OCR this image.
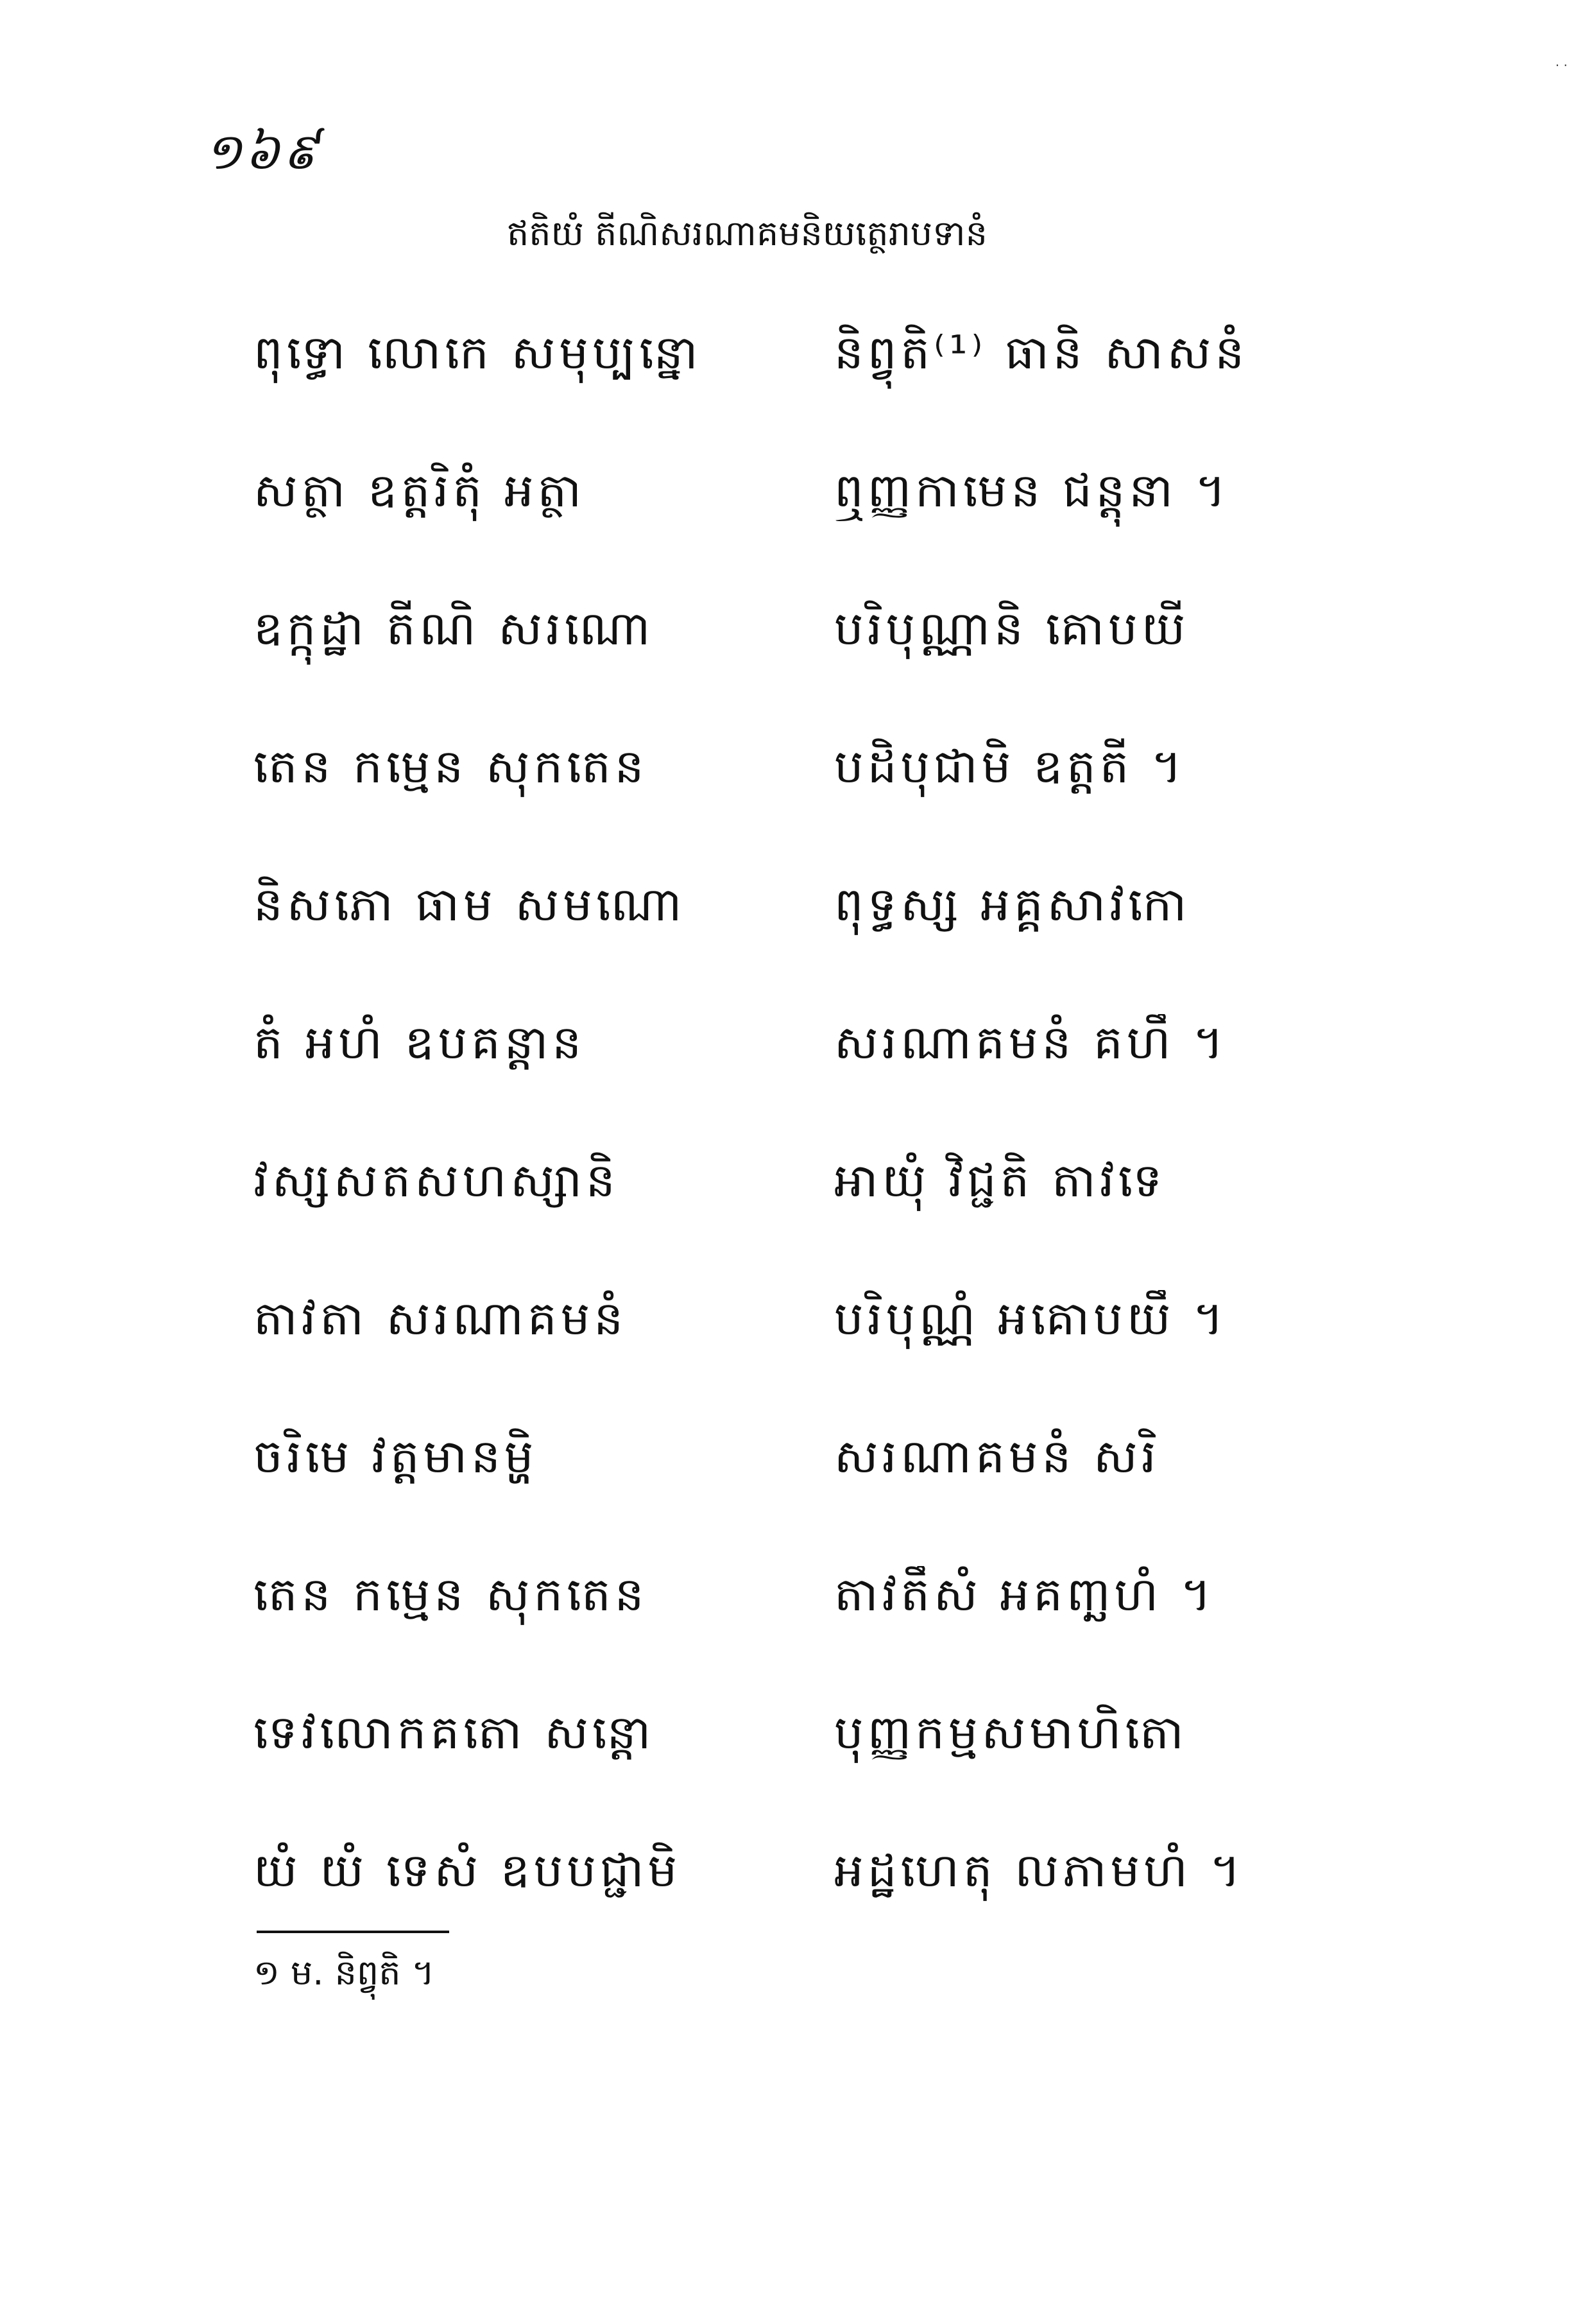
· ·
១៦៩
ឥតិយំ តីណិសរណាគមនិយត្ថេរាបទានំ
ពុទ្ធោ លោកេ សមុប្បន្នោ	និព្វុតិ⁽¹⁾ ធានិ សាសនំ
សត្ថា ឧត្តរិតុំ អត្ថា	ឮញ្ញកាមេន ជន្តុនា ។
ឧក្កុដ្ឋា តីណិ សរណោ	បរិបុណ្ណានិ គោបយី
តេន កម្មេន សុកតេន	បដិបុជាមិ ឧត្តតី ។
និសភោ ធាម សមណោ	ពុទ្ធស្ស អគ្គសាវកោ
តំ អហំ ឧបគន្តាន	សរណាគមនំ គហឹ ។
វស្សសតសហស្សានិ	អាយុំ វិជ្ជតិ តាវទេ
តាវតា សរណាគមនំ	បរិបុណ្ណំ អគោបយឹ ។
ចរិមេ វត្តមានម្ហិ	សរណាគមនំ សរិ
តេន កម្មេន សុកតេន	តាវតឹសំ អគញ្ឆហំ ។
ទេវលោកគតោ សន្តោ	បុញ្ញកម្មសមាហិតោ
យំ យំ ទេសំ ឧបបជ្ជាមិ	អដ្ឋហេតុ លភាមហំ ។
១ ម. និព្វុតិ ។
